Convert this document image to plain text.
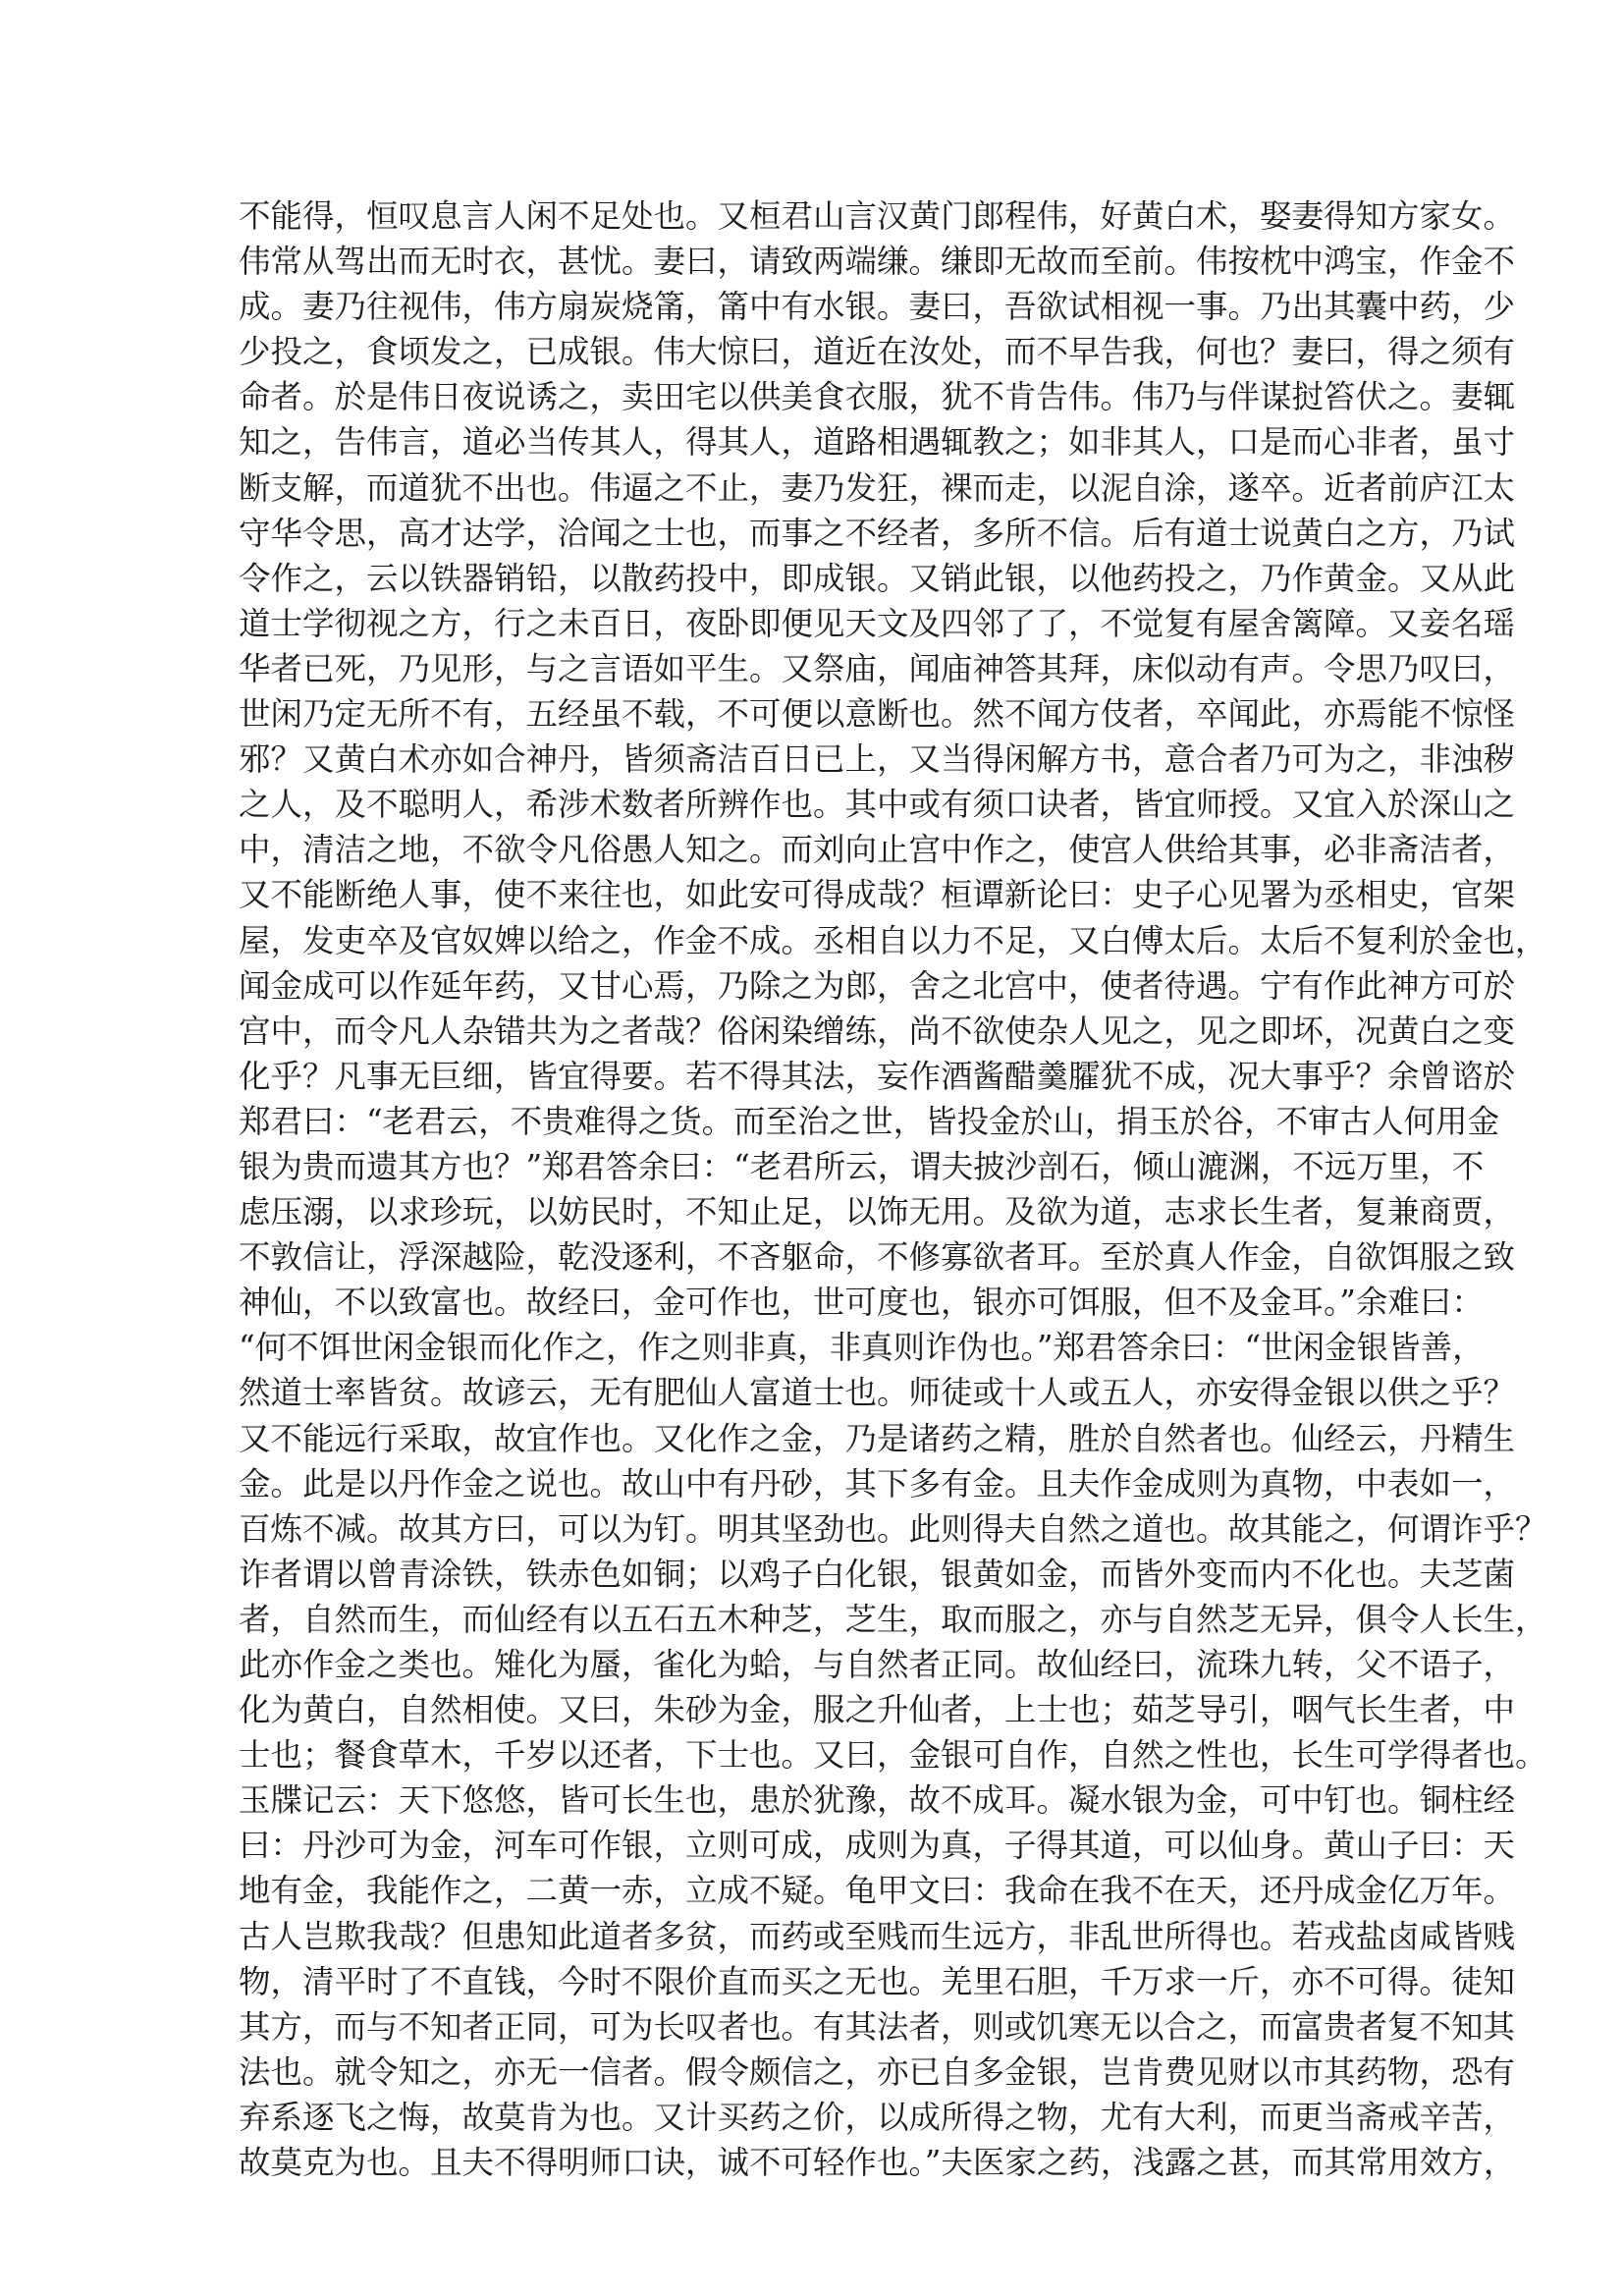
不能得，恒叹息言人闲不足处也。又桓君山言汉黄门郎程伟，好黄白术，娶妻得知方家女。
伟常从驾出而无时衣，甚忧。妻曰，请致两端缣。缣即无故而至前。伟按枕中鸿宝，作金不
成。妻乃往视伟，伟方扇炭烧筩，筩中有水银。妻曰，吾欲试相视一事。乃出其囊中药，少
少投之，食顷发之，已成银。伟大惊曰，道近在汝处，而不早告我，何也？妻曰，得之须有
命者。於是伟日夜说诱之，卖田宅以供美食衣服，犹不肯告伟。伟乃与伴谋挝笞伏之。妻辄
知之，告伟言，道必当传其人，得其人，道路相遇辄教之；如非其人，口是而心非者，虽寸
断支解，而道犹不出也。伟逼之不止，妻乃发狂，裸而走，以泥自涂，遂卒。近者前庐江太
守华令思，高才达学，洽闻之士也，而事之不经者，多所不信。后有道士说黄白之方，乃试
令作之，云以铁器销铅，以散药投中，即成银。又销此银，以他药投之，乃作黄金。又从此
道士学彻视之方，行之未百日，夜卧即便见天文及四邻了了，不觉复有屋舍篱障。又妾名瑶
华者已死，乃见形，与之言语如平生。又祭庙，闻庙神答其拜，床似动有声。令思乃叹曰，
世闲乃定无所不有，五经虽不载，不可便以意断也。然不闻方伎者，卒闻此，亦焉能不惊怪
邪？又黄白术亦如合神丹，皆须斋洁百日已上，又当得闲解方书，意合者乃可为之，非浊秽
之人，及不聪明人，希涉术数者所辨作也。其中或有须口诀者，皆宜师授。又宜入於深山之
中，清洁之地，不欲令凡俗愚人知之。而刘向止宫中作之，使宫人供给其事，必非斋洁者，
又不能断绝人事，使不来往也，如此安可得成哉？桓谭新论曰：史子心见署为丞相史，官架
屋，发吏卒及官奴婢以给之，作金不成。丞相自以力不足，又白傅太后。太后不复利於金也，
闻金成可以作延年药，又甘心焉，乃除之为郎，舍之北宫中，使者待遇。宁有作此神方可於
宫中，而令凡人杂错共为之者哉？俗闲染缯练，尚不欲使杂人见之，见之即坏，况黄白之变
化乎？凡事无巨细，皆宜得要。若不得其法，妄作酒酱醋羹臛犹不成，况大事乎？余曾谘於
郑君曰：“老君云，不贵难得之货。而至治之世，皆投金於山，捐玉於谷，不审古人何用金
银为贵而遗其方也？”郑君答余曰：“老君所云，谓夫披沙剖石，倾山漉渊，不远万里，不
虑压溺，以求珍玩，以妨民时，不知止足，以饰无用。及欲为道，志求长生者，复兼商贾，
不敦信让，浮深越险，乾没逐利，不吝躯命，不修寡欲者耳。至於真人作金，自欲饵服之致
神仙，不以致富也。故经曰，金可作也，世可度也，银亦可饵服，但不及金耳。”余难曰：
“何不饵世闲金银而化作之，作之则非真，非真则诈伪也。”郑君答余曰：“世闲金银皆善，
然道士率皆贫。故谚云，无有肥仙人富道士也。师徒或十人或五人，亦安得金银以供之乎？
又不能远行采取，故宜作也。又化作之金，乃是诸药之精，胜於自然者也。仙经云，丹精生
金。此是以丹作金之说也。故山中有丹砂，其下多有金。且夫作金成则为真物，中表如一，
百炼不减。故其方曰，可以为钉。明其坚劲也。此则得夫自然之道也。故其能之，何谓诈乎？
诈者谓以曾青涂铁，铁赤色如铜；以鸡子白化银，银黄如金，而皆外变而内不化也。夫芝菌
者，自然而生，而仙经有以五石五木种芝，芝生，取而服之，亦与自然芝无异，俱令人长生，
此亦作金之类也。雉化为蜃，雀化为蛤，与自然者正同。故仙经曰，流珠九转，父不语子，
化为黄白，自然相使。又曰，朱砂为金，服之升仙者，上士也；茹芝导引，咽气长生者，中
士也；餐食草木，千岁以还者，下士也。又曰，金银可自作，自然之性也，长生可学得者也。
玉牒记云：天下悠悠，皆可长生也，患於犹豫，故不成耳。凝水银为金，可中钉也。铜柱经
曰：丹沙可为金，河车可作银，立则可成，成则为真，子得其道，可以仙身。黄山子曰：天
地有金，我能作之，二黄一赤，立成不疑。龟甲文曰：我命在我不在天，还丹成金亿万年。
古人岂欺我哉？但患知此道者多贫，而药或至贱而生远方，非乱世所得也。若戎盐卤咸皆贱
物，清平时了不直钱，今时不限价直而买之无也。羌里石胆，千万求一斤，亦不可得。徒知
其方，而与不知者正同，可为长叹者也。有其法者，则或饥寒无以合之，而富贵者复不知其
法也。就令知之，亦无一信者。假令颇信之，亦已自多金银，岂肯费见财以市其药物，恐有
弃系逐飞之悔，故莫肯为也。又计买药之价，以成所得之物，尤有大利，而更当斋戒辛苦，
故莫克为也。且夫不得明师口诀，诚不可轻作也。”夫医家之药，浅露之甚，而其常用效方，
